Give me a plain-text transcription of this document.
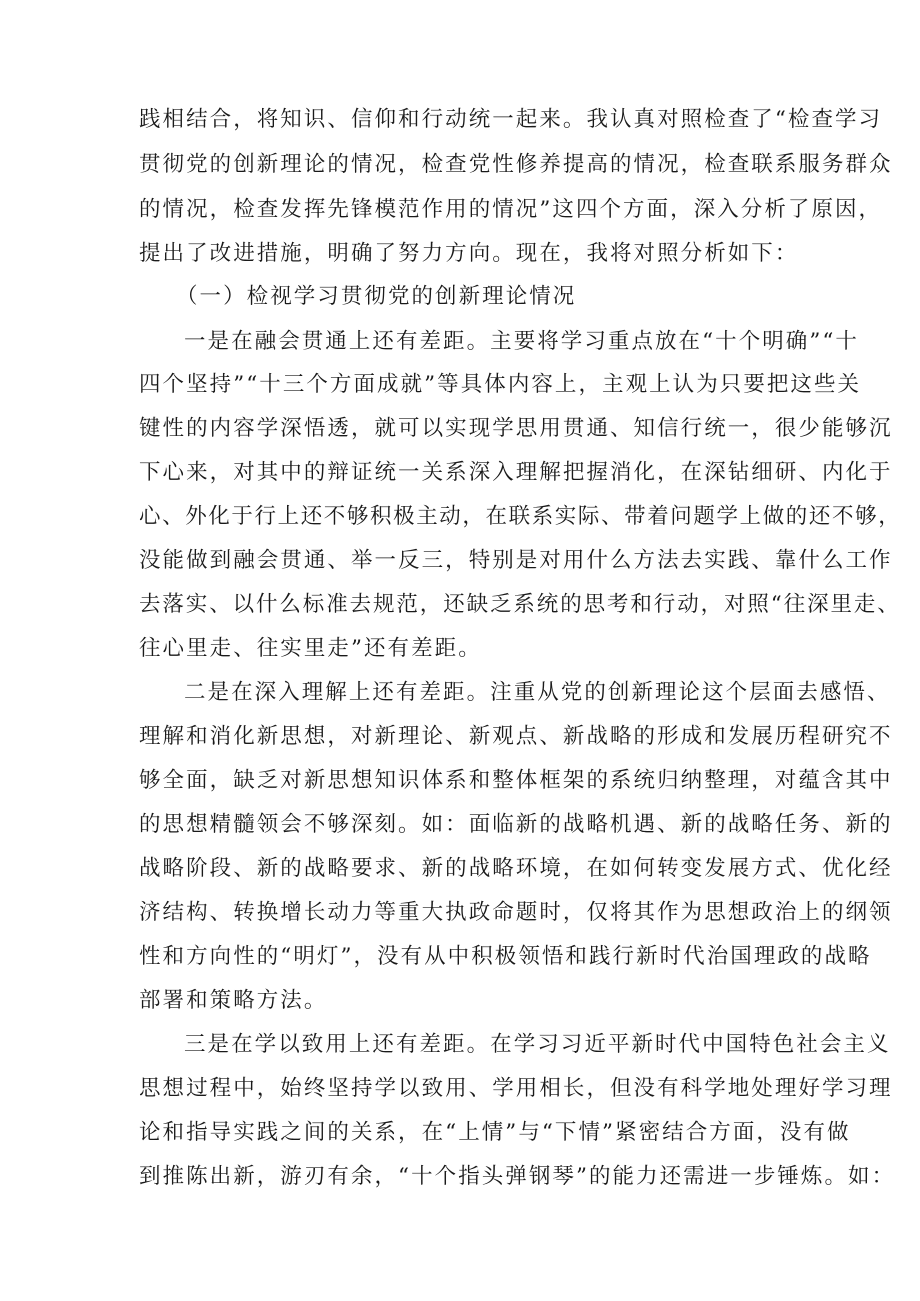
践相结合，将知识、信仰和行动统一起来。我认真对照检查了“检查学习
贯彻党的创新理论的情况，检查党性修养提高的情况，检查联系服务群众
的情况，检查发挥先锋模范作用的情况”这四个方面，深入分析了原因，
提出了改进措施，明确了努力方向。现在，我将对照分析如下：
（一）检视学习贯彻党的创新理论情况
一是在融会贯通上还有差距。主要将学习重点放在“十个明确”“十
四个坚持”“十三个方面成就”等具体内容上，主观上认为只要把这些关
键性的内容学深悟透，就可以实现学思用贯通、知信行统一，很少能够沉
下心来，对其中的辩证统一关系深入理解把握消化，在深钻细研、内化于
心、外化于行上还不够积极主动，在联系实际、带着问题学上做的还不够，
没能做到融会贯通、举一反三，特别是对用什么方法去实践、靠什么工作
去落实、以什么标准去规范，还缺乏系统的思考和行动，对照“往深里走、
往心里走、往实里走”还有差距。
二是在深入理解上还有差距。注重从党的创新理论这个层面去感悟、
理解和消化新思想，对新理论、新观点、新战略的形成和发展历程研究不
够全面，缺乏对新思想知识体系和整体框架的系统归纳整理，对蕴含其中
的思想精髓领会不够深刻。如：面临新的战略机遇、新的战略任务、新的
战略阶段、新的战略要求、新的战略环境，在如何转变发展方式、优化经
济结构、转换增长动力等重大执政命题时，仅将其作为思想政治上的纲领
性和方向性的“明灯”，没有从中积极领悟和践行新时代治国理政的战略
部署和策略方法。
三是在学以致用上还有差距。在学习习近平新时代中国特色社会主义
思想过程中，始终坚持学以致用、学用相长，但没有科学地处理好学习理
论和指导实践之间的关系，在“上情”与“下情”紧密结合方面，没有做
到推陈出新，游刃有余，“十个指头弹钢琴”的能力还需进一步锤炼。如：
